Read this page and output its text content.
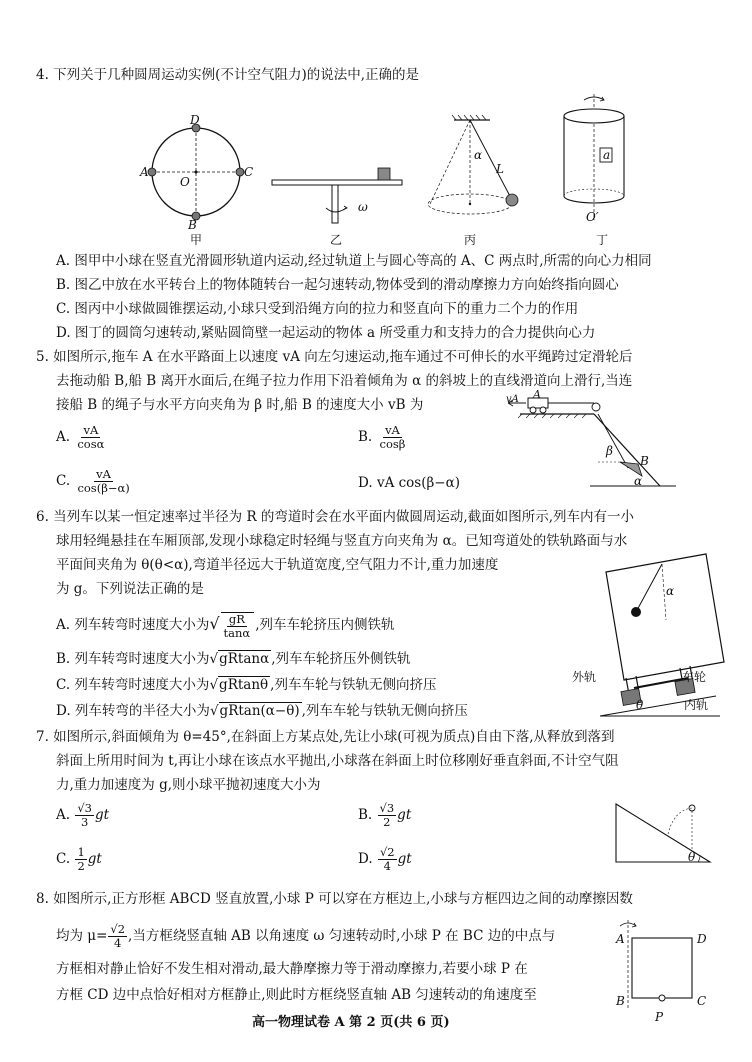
4. 下列关于几种圆周运动实例(不计空气阻力)的说法中,正确的是
D
A	C
O
B
甲
ω
乙
α
L
丙
a
O′
丁
A. 图甲中小球在竖直光滑圆形轨道内运动,经过轨道上与圆心等高的 A、C 两点时,所需的向心力相同
B. 图乙中放在水平转台上的物体随转台一起匀速转动,物体受到的滑动摩擦力方向始终指向圆心
C. 图丙中小球做圆锥摆运动,小球只受到沿绳方向的拉力和竖直向下的重力二个力的作用
D. 图丁的圆筒匀速转动,紧贴圆筒壁一起运动的物体 a 所受重力和支持力的合力提供向心力
5. 如图所示,拖车 A 在水平路面上以速度 vA 向左匀速运动,拖车通过不可伸长的水平绳跨过定滑轮后
去拖动船 B,船 B 离开水面后,在绳子拉力作用下沿着倾角为 α 的斜坡上的直线滑道向上滑行,当连
接船 B 的绳子与水平方向夹角为 β 时,船 B 的速度大小 vB 为
A. $\frac{vA}{\cos\alpha}$	B. $\frac{vA}{\cos\beta}$
C. $\frac{vA}{\cos(\beta-\alpha)}$	D. vA cos(β−α)
vA A
β
B
α
6. 当列车以某一恒定速率过半径为 R 的弯道时会在水平面内做圆周运动,截面如图所示,列车内有一小
球用轻绳悬挂在车厢顶部,发现小球稳定时轻绳与竖直方向夹角为 α。已知弯道处的铁轨路面与水
平面间夹角为 θ(θ<α),弯道半径远大于轨道宽度,空气阻力不计,重力加速度
为 g。下列说法正确的是
A. 列车转弯时速度大小为√ $\frac{gR}{\tan\alpha}$ ,列车车轮挤压内侧铁轨
B. 列车转弯时速度大小为√gRtanα ,列车车轮挤压外侧铁轨
C. 列车转弯时速度大小为√gRtanθ ,列车车轮与铁轨无侧向挤压
D. 列车转弯的半径大小为√gRtan(α−θ) ,列车车轮与铁轨无侧向挤压
α
外轨	车轮
内轨
θ
7. 如图所示,斜面倾角为 θ=45°,在斜面上方某点处,先让小球(可视为质点)自由下落,从释放到落到
斜面上所用时间为 t,再让小球在该点水平抛出,小球落在斜面上时位移刚好垂直斜面,不计空气阻
力,重力加速度为 g,则小球平抛初速度大小为
A. $\frac{√3}{3}$ gt	B. $\frac{√3}{2}$ gt
C. $\frac{1}{2}$ gt	D. $\frac{√2}{4}$ gt	θ
8. 如图所示,正方形框 ABCD 竖直放置,小球 P 可以穿在方框边上,小球与方框四边之间的动摩擦因数
均为 $\mu= \frac{√2}{4}$ ,当方框绕竖直轴 AB 以角速度 ω 匀速转动时,小球 P 在 BC 边的中点与
方框相对静止恰好不发生相对滑动,最大静摩擦力等于滑动摩擦力,若要小球 P 在
方框 CD 边中点恰好相对方框静止,则此时方框绕竖直轴 AB 匀速转动的角速度至
A	D
B	C
P
高一物理试卷 A 第 2 页(共 6 页)
